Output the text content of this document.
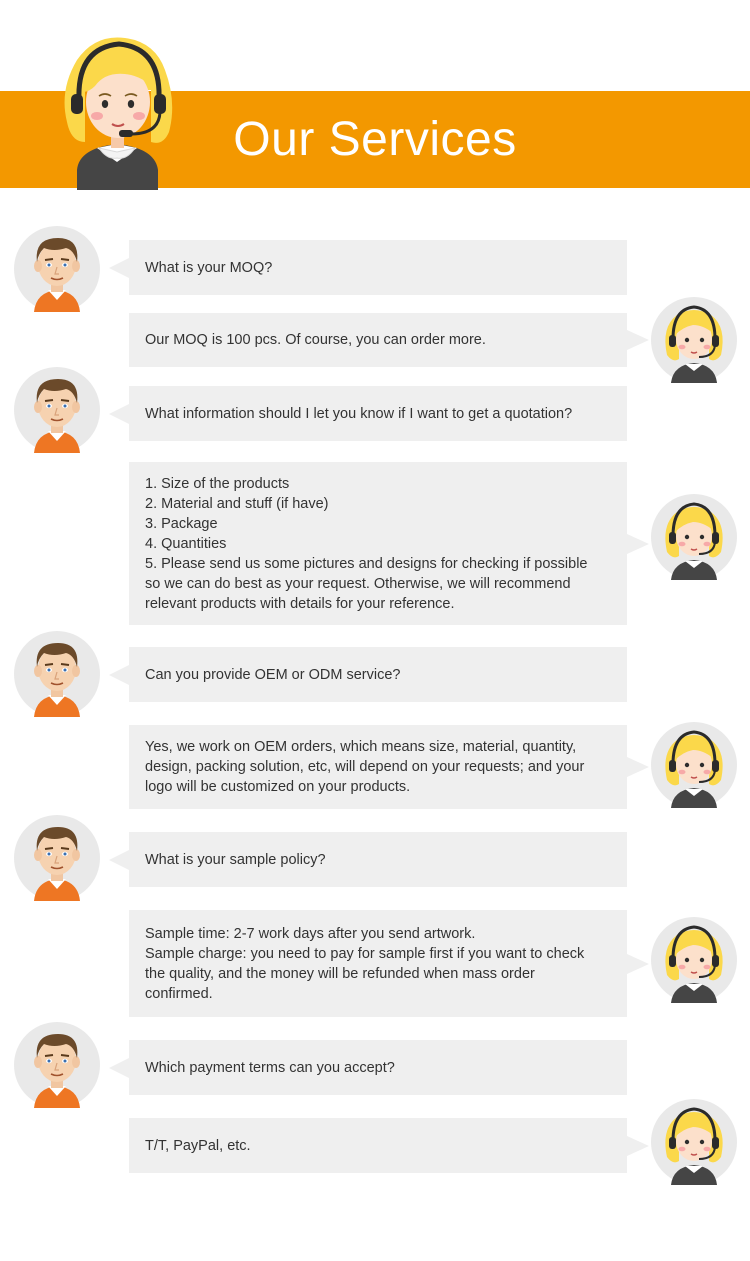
Our Services
What is your MOQ?
Our MOQ is 100 pcs. Of course, you can order more.
What information should I let you know if I want to get a quotation?
1. Size of the products
2. Material and stuff (if have)
3. Package
4. Quantities
5. Please send us some pictures and designs for checking if possible
so we can do best as your request. Otherwise, we will recommend
relevant products with details for your reference.
Can you provide OEM or ODM service?
Yes, we work on OEM orders, which means size, material, quantity,
design, packing solution, etc, will depend on your requests; and your
logo will be customized on your products.
What is your sample policy?
Sample time: 2-7 work days after you send artwork.
Sample charge: you need to pay for sample first if you want to check
the quality, and the money will be refunded when mass order
confirmed.
Which payment terms can you accept?
T/T, PayPal, etc.
